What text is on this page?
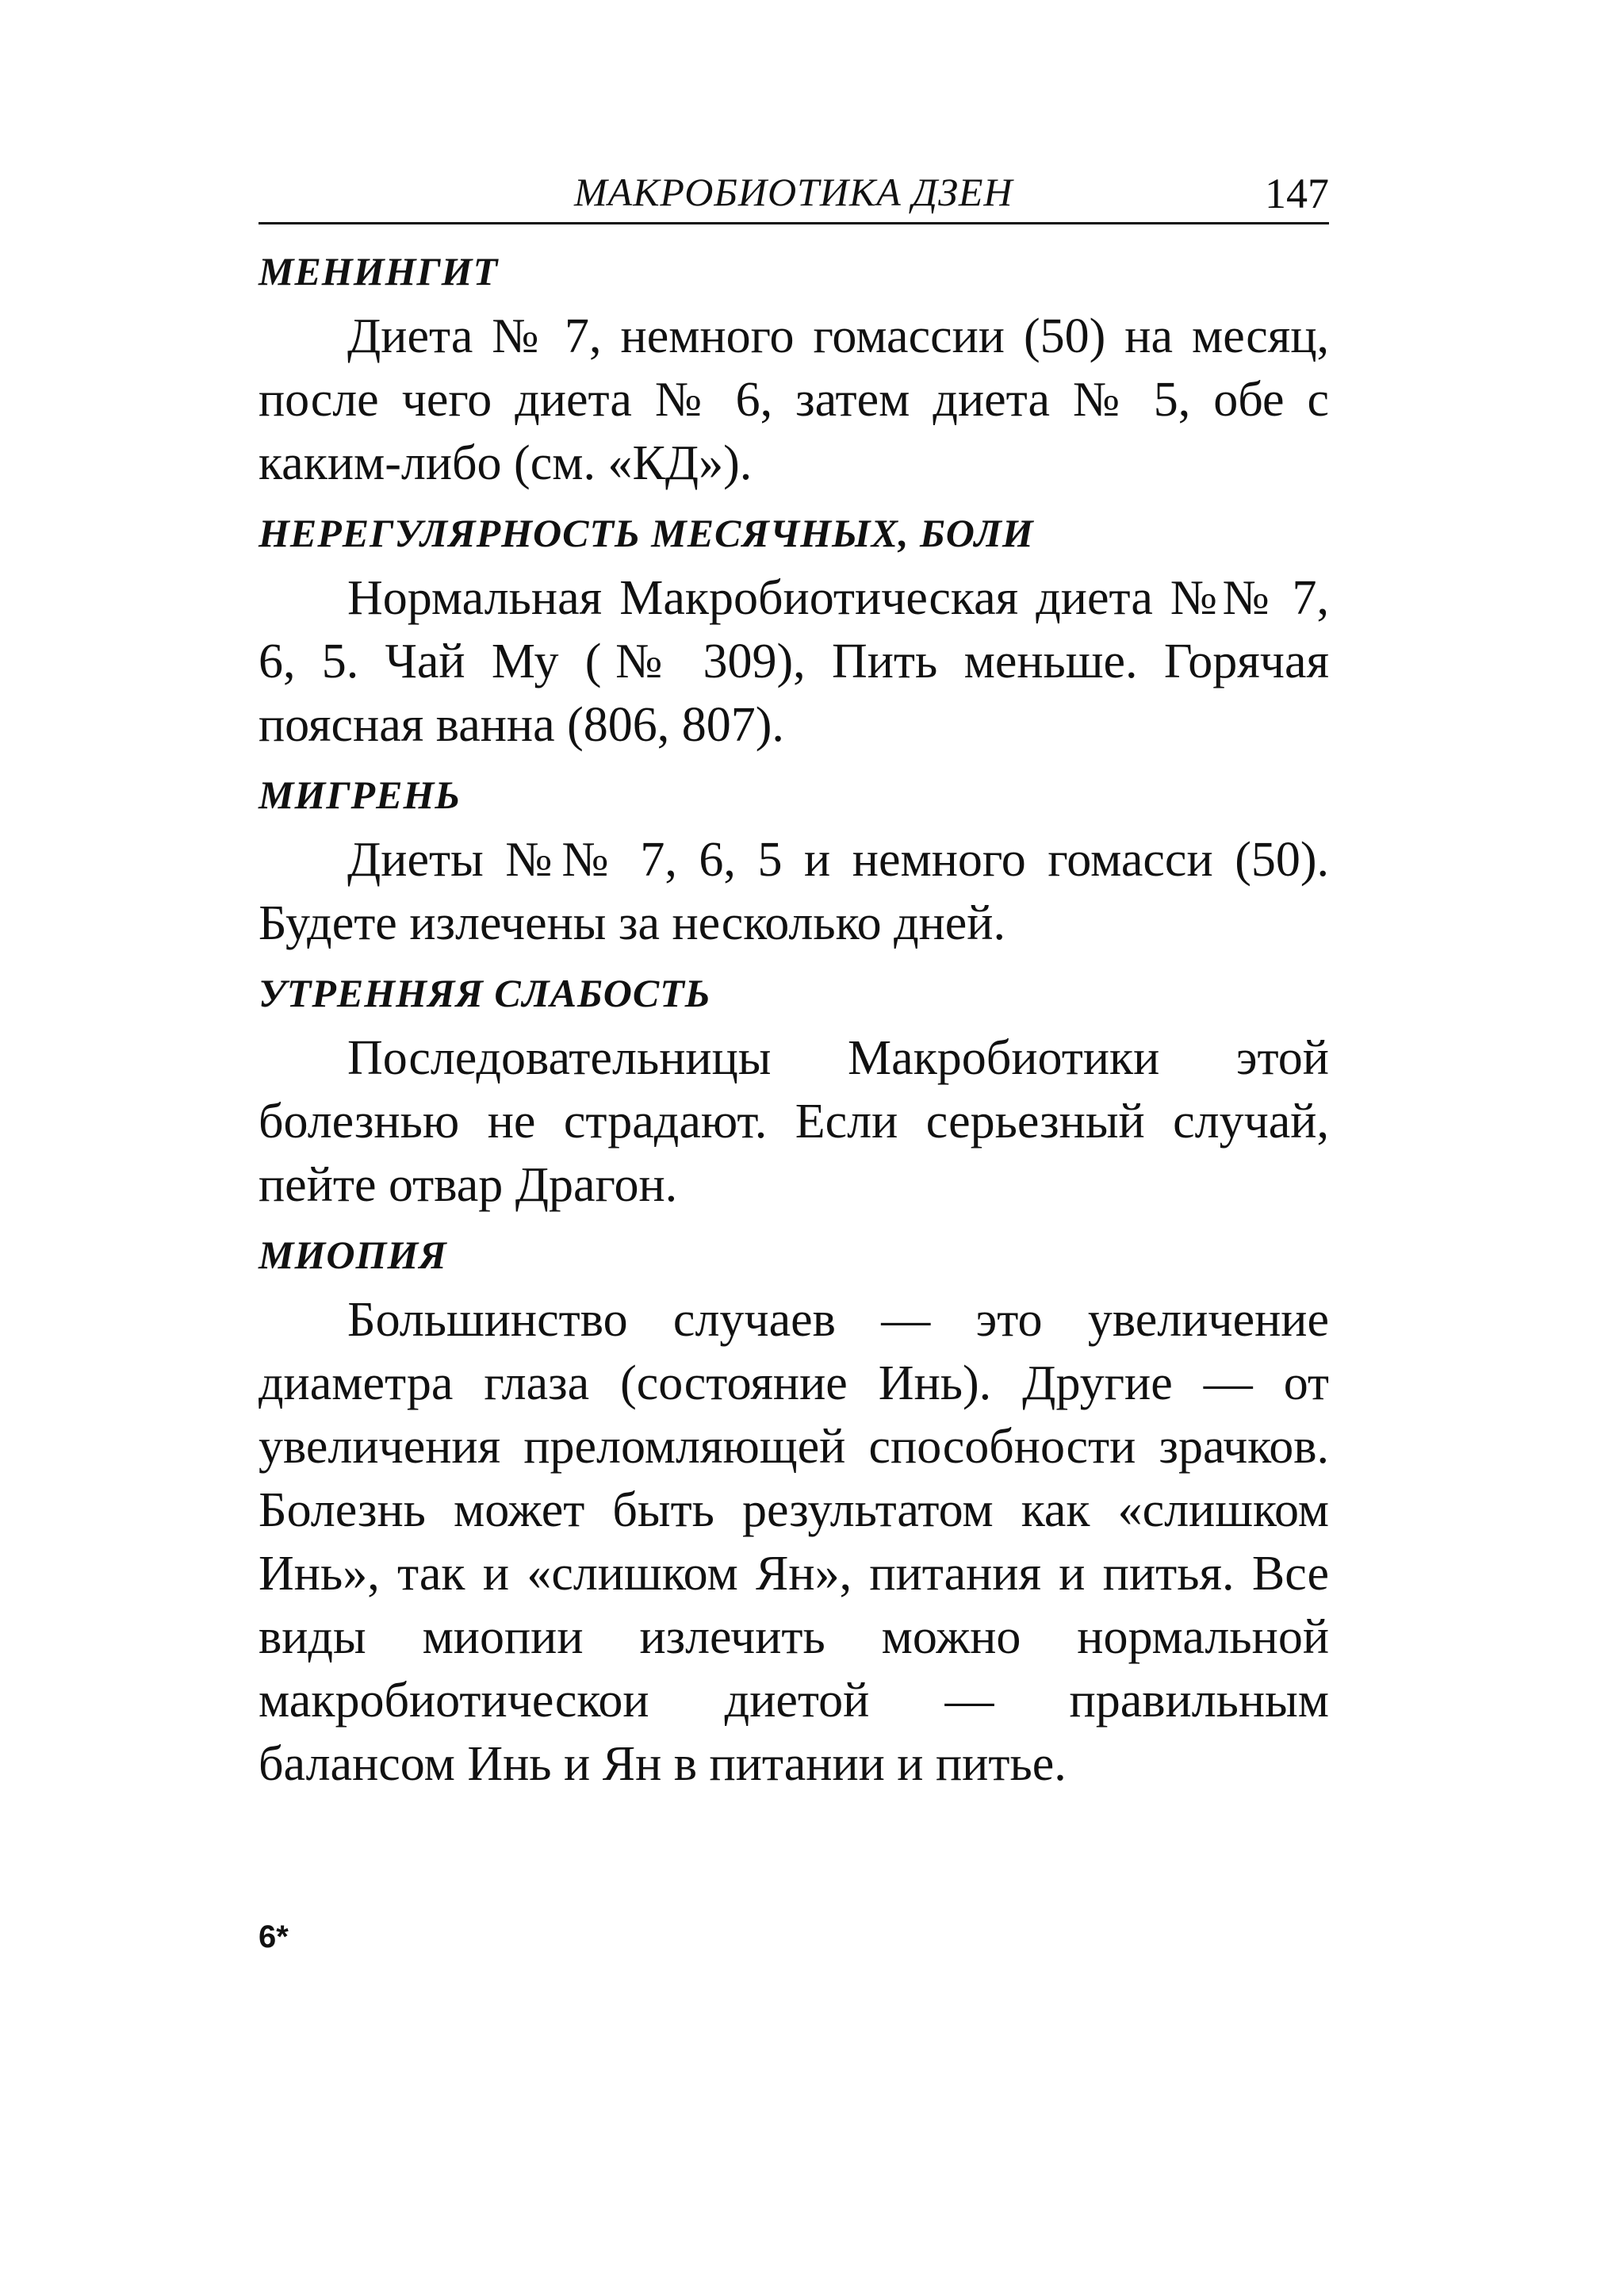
МАКРОБИОТИКА ДЗЕН	147
МЕНИНГИТ

Диета № 7, немного гомассии (50) на месяц, после чего диета № 6, затем диета № 5, обе с каким-либо (см. «КД»).

НЕРЕГУЛЯРНОСТЬ МЕСЯЧНЫХ, БОЛИ

Нормальная Макробиотическая диета №№ 7, 6, 5. Чай Му (№ 309), Пить меньше. Горячая поясная ванна (806, 807).

МИГРЕНЬ

Диеты №№ 7, 6, 5 и немного гомасси (50). Будете излечены за несколько дней.

УТРЕННЯЯ СЛАБОСТЬ

Последовательницы Макробиотики этой болезнью не страдают. Если серьезный случай, пейте отвар Драгон.

МИОПИЯ

Большинство случаев — это увеличение диаметра глаза (состояние Инь). Другие — от увеличения преломляющей способности зрачков. Болезнь может быть результатом как «слишком Инь», так и «слишком Ян», питания и питья. Все виды миопии излечить можно нормальной макробиотическои диетой — правильным балансом Инь и Ян в питании и питье.

6*
